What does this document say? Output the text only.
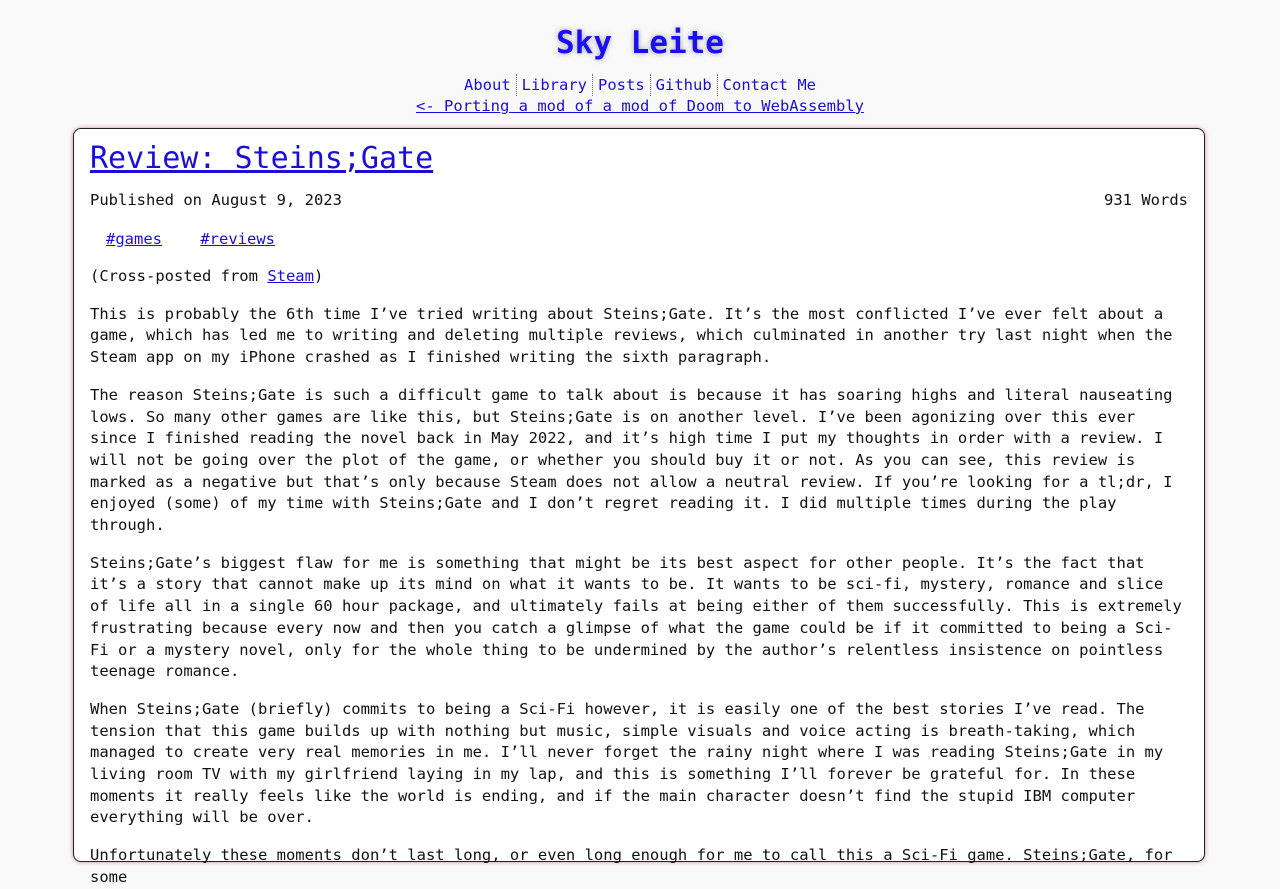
Sky Leite
About Library Posts Github Contact Me
<- Porting a mod of a mod of Doom to WebAssembly
Review: Steins;Gate
Published on August 9, 2023	931 Words
#games #reviews

(Cross-posted from Steam)

This is probably the 6th time I’ve tried writing about Steins;Gate. It’s the most conflicted I’ve ever felt about a game, which has led me to writing and deleting multiple reviews, which culminated in another try last night when the Steam app on my iPhone crashed as I finished writing the sixth paragraph.

The reason Steins;Gate is such a difficult game to talk about is because it has soaring highs and literal nauseating lows. So many other games are like this, but Steins;Gate is on another level. I’ve been agonizing over this ever since I finished reading the novel back in May 2022, and it’s high time I put my thoughts in order with a review. I will not be going over the plot of the game, or whether you should buy it or not. As you can see, this review is marked as a negative but that’s only because Steam does not allow a neutral review. If you’re looking for a tl;dr, I enjoyed (some) of my time with Steins;Gate and I don’t regret reading it. I did multiple times during the play through.

Steins;Gate’s biggest flaw for me is something that might be its best aspect for other people. It’s the fact that it’s a story that cannot make up its mind on what it wants to be. It wants to be sci-fi, mystery, romance and slice of life all in a single 60 hour package, and ultimately fails at being either of them successfully. This is extremely frustrating because every now and then you catch a glimpse of what the game could be if it committed to being a Sci-Fi or a mystery novel, only for the whole thing to be undermined by the author’s relentless insistence on pointless teenage romance.

When Steins;Gate (briefly) commits to being a Sci-Fi however, it is easily one of the best stories I’ve read. The tension that this game builds up with nothing but music, simple visuals and voice acting is breath-taking, which managed to create very real memories in me. I’ll never forget the rainy night where I was reading Steins;Gate in my living room TV with my girlfriend laying in my lap, and this is something I’ll forever be grateful for. In these moments it really feels like the world is ending, and if the main character doesn’t find the stupid IBM computer everything will be over.

Unfortunately these moments don’t last long, or even long enough for me to call this a Sci-Fi game. Steins;Gate, for some
